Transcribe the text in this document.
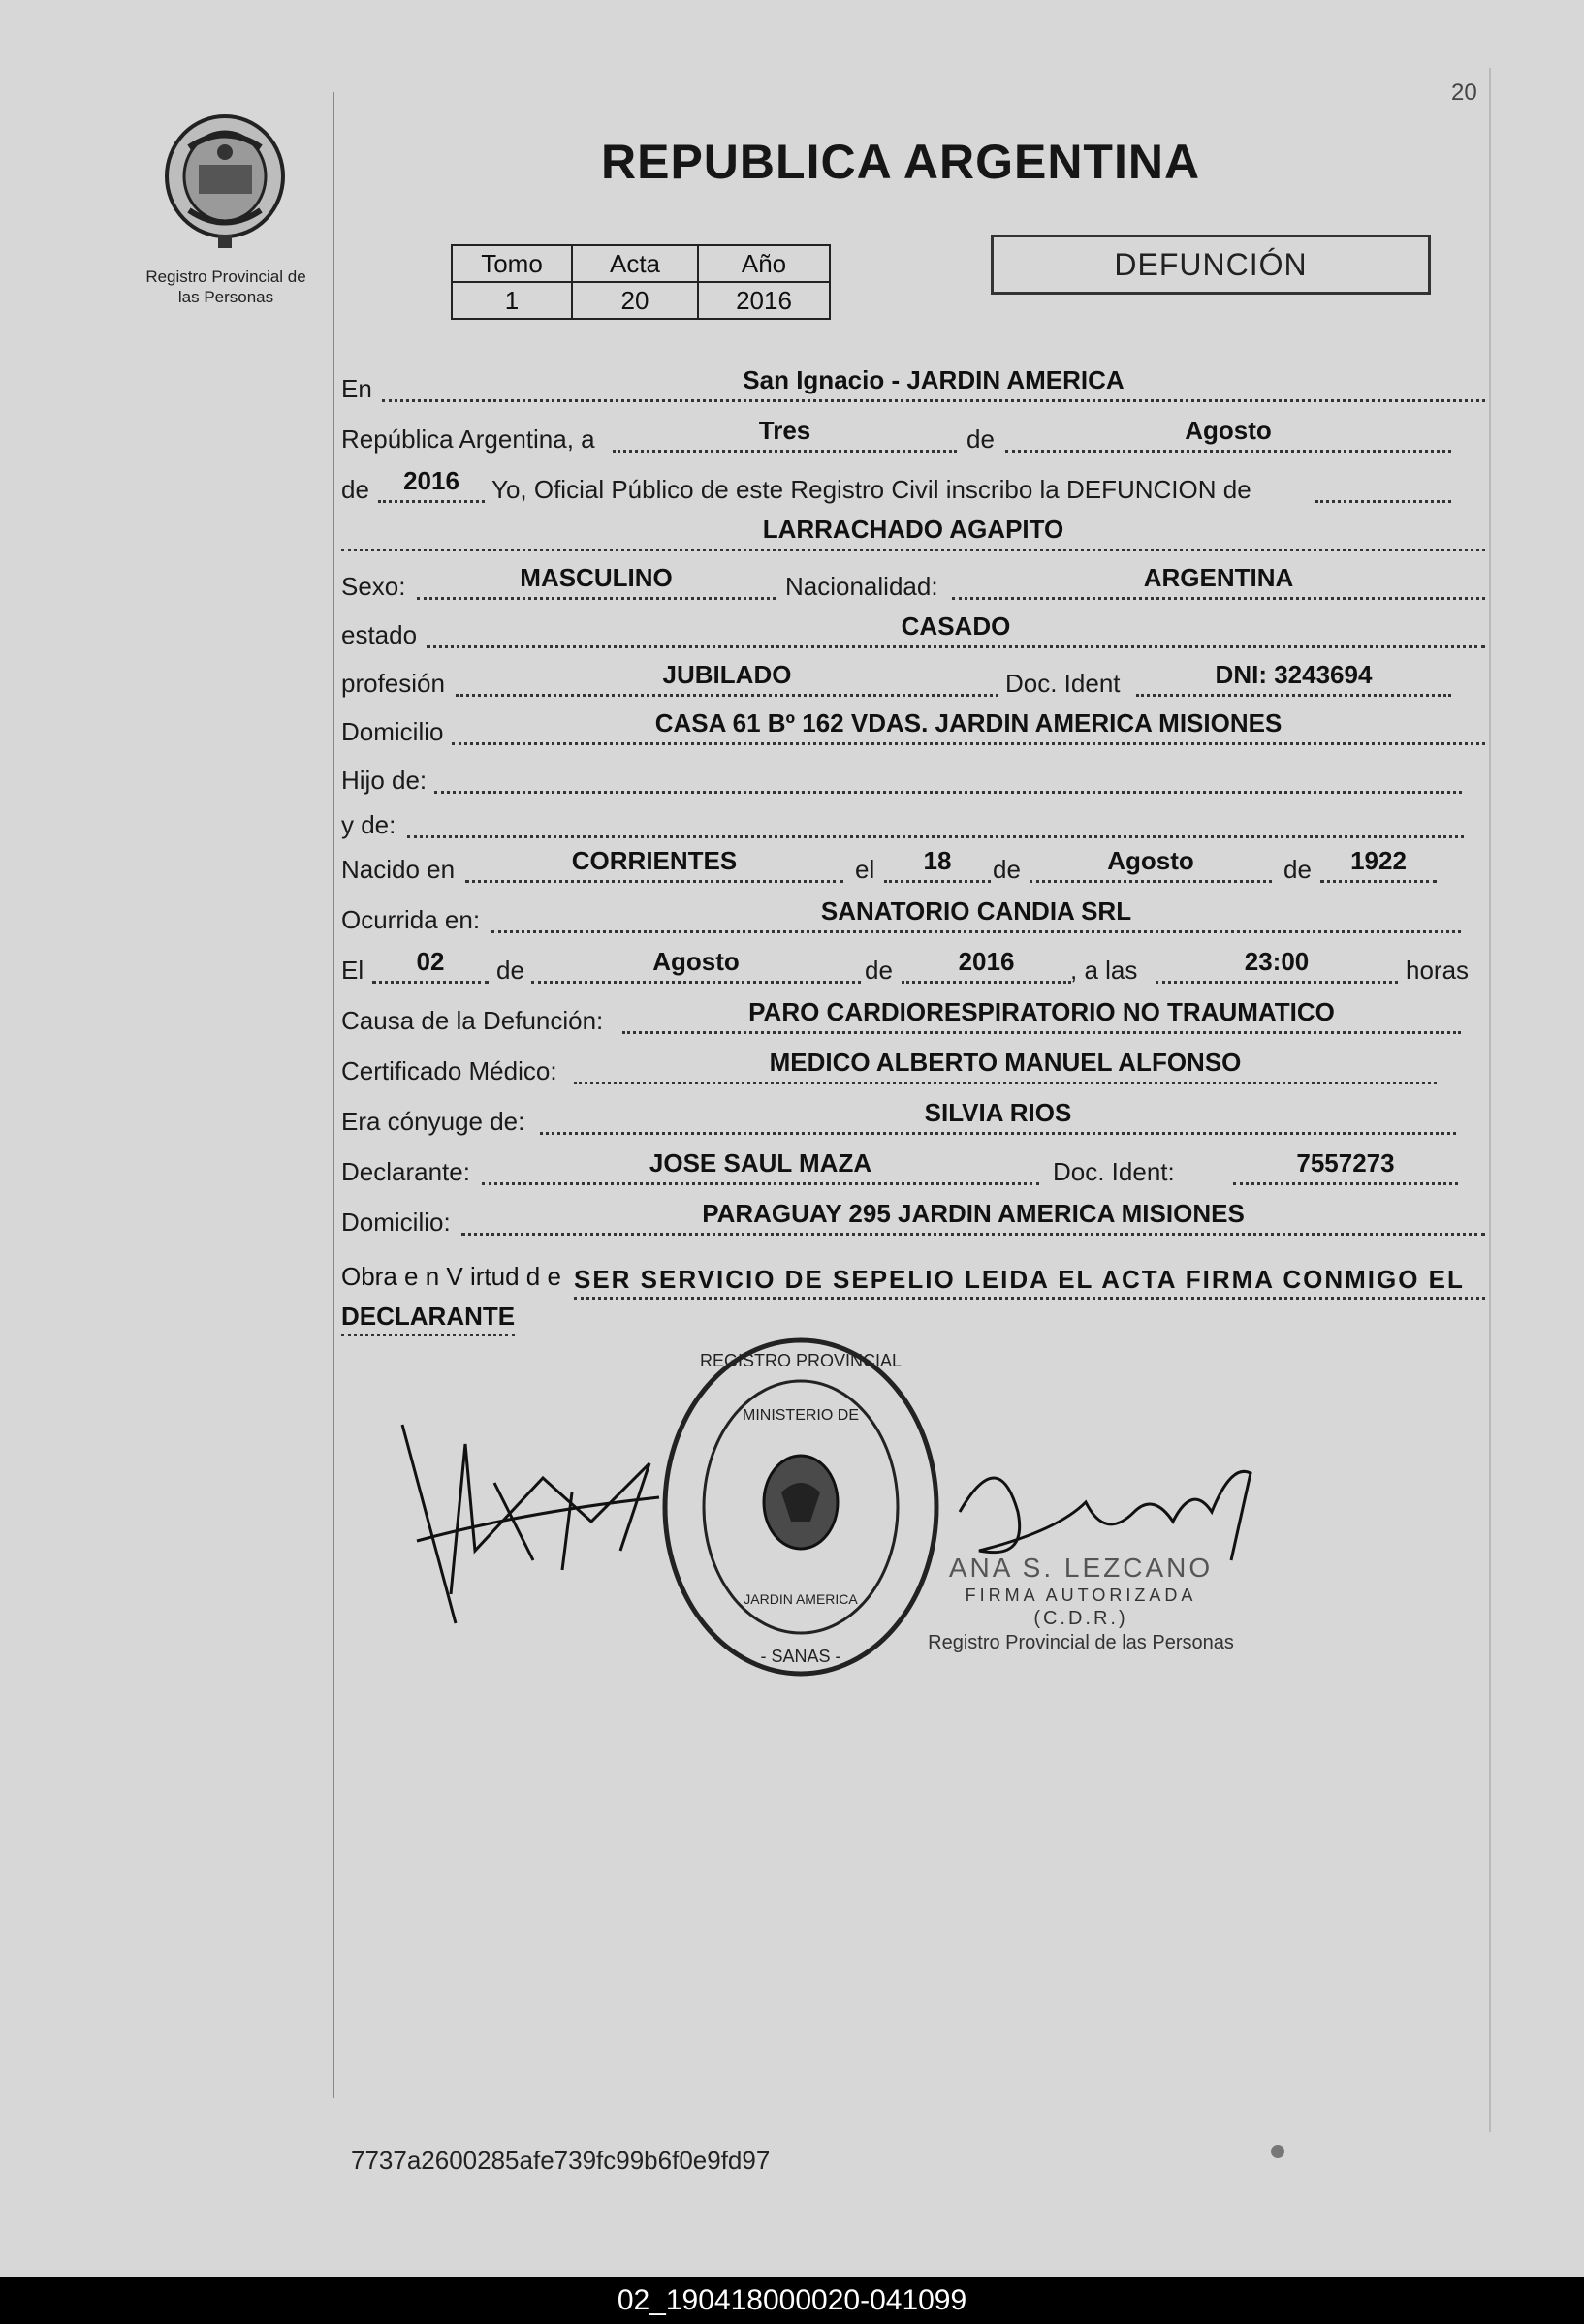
20
Registro Provincial de
las Personas
REPUBLICA ARGENTINA
Tomo	Acta	Año
1	20	2016
DEFUNCIÓN
En	San Ignacio - JARDIN AMERICA
República Argentina, a	Tres	de	Agosto
de	2016	Yo, Oficial Público de este Registro Civil inscribo la DEFUNCION de
LARRACHADO AGAPITO
Sexo:	MASCULINO	Nacionalidad:	ARGENTINA
estado	CASADO
profesión	JUBILADO	Doc. Ident	DNI: 3243694
Domicilio	CASA 61 Bº 162 VDAS. JARDIN AMERICA MISIONES
Hijo de:
y de:
Nacido en	CORRIENTES	el	18	de	Agosto	de	1922
Ocurrida en:	SANATORIO CANDIA SRL
El	02	de	Agosto	de	2016	, a las	23:00	horas
Causa de la Defunción:	PARO CARDIORESPIRATORIO NO TRAUMATICO
Certificado Médico:	MEDICO ALBERTO MANUEL ALFONSO
Era cónyuge de:	SILVIA RIOS
Declarante:	JOSE SAUL MAZA	Doc. Ident:	7557273
Domicilio:	PARAGUAY 295 JARDIN AMERICA MISIONES
Obra e n V irtud d e SER SERVICIO DE SEPELIO LEIDA EL ACTA FIRMA CONMIGO EL
DECLARANTE
REGISTRO PROVINCIAL
- SANAS -
MINISTERIO DE
JARDIN AMERICA
ANA S. LEZCANO
FIRMA AUTORIZADA
(C.D.R.)
Registro Provincial de las Personas
7737a2600285afe739fc99b6f0e9fd97
02_190418000020-041099
